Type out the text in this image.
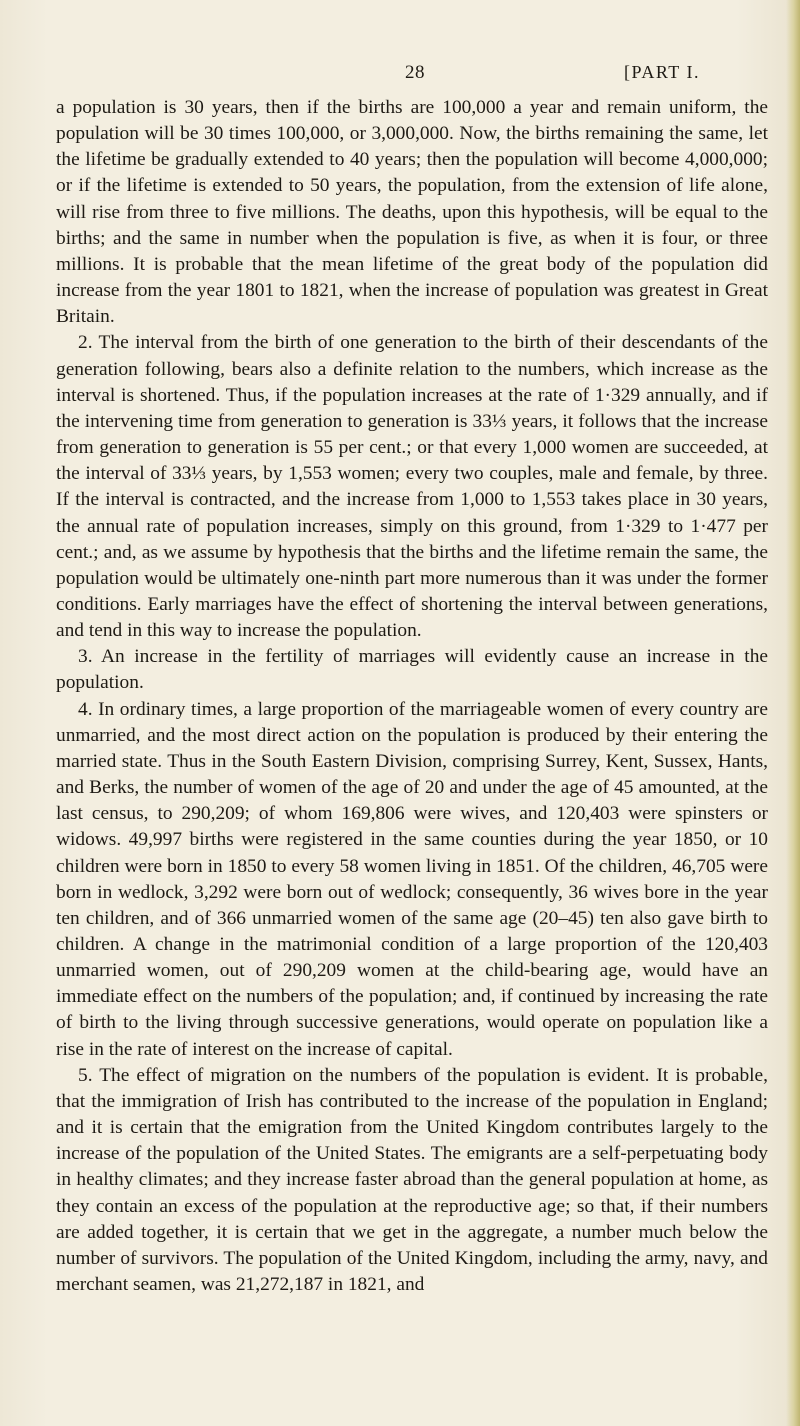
28	[PART I.

a population is 30 years, then if the births are 100,000 a year and remain uniform, the population will be 30 times 100,000, or 3,000,000. Now, the births remaining the same, let the lifetime be gradually extended to 40 years; then the population will become 4,000,000; or if the lifetime is extended to 50 years, the population, from the extension of life alone, will rise from three to five millions. The deaths, upon this hypothesis, will be equal to the births; and the same in number when the population is five, as when it is four, or three millions. It is probable that the mean lifetime of the great body of the population did increase from the year 1801 to 1821, when the increase of population was greatest in Great Britain.

2. The interval from the birth of one generation to the birth of their descendants of the generation following, bears also a definite relation to the numbers, which increase as the interval is shortened. Thus, if the population increases at the rate of 1·329 annually, and if the intervening time from generation to generation is 33⅓ years, it follows that the increase from generation to generation is 55 per cent.; or that every 1,000 women are succeeded, at the interval of 33⅓ years, by 1,553 women; every two couples, male and female, by three. If the interval is contracted, and the increase from 1,000 to 1,553 takes place in 30 years, the annual rate of population increases, simply on this ground, from 1·329 to 1·477 per cent.; and, as we assume by hypothesis that the births and the lifetime remain the same, the population would be ultimately one-ninth part more numerous than it was under the former conditions. Early marriages have the effect of shortening the interval between generations, and tend in this way to increase the population.

3. An increase in the fertility of marriages will evidently cause an increase in the population.

4. In ordinary times, a large proportion of the marriageable women of every country are unmarried, and the most direct action on the population is produced by their entering the married state. Thus in the South Eastern Division, comprising Surrey, Kent, Sussex, Hants, and Berks, the number of women of the age of 20 and under the age of 45 amounted, at the last census, to 290,209; of whom 169,806 were wives, and 120,403 were spinsters or widows. 49,997 births were registered in the same counties during the year 1850, or 10 children were born in 1850 to every 58 women living in 1851. Of the children, 46,705 were born in wedlock, 3,292 were born out of wedlock; consequently, 36 wives bore in the year ten children, and of 366 unmarried women of the same age (20–45) ten also gave birth to children. A change in the matrimonial condition of a large proportion of the 120,403 unmarried women, out of 290,209 women at the child-bearing age, would have an immediate effect on the numbers of the population; and, if continued by increasing the rate of birth to the living through successive generations, would operate on population like a rise in the rate of interest on the increase of capital.

5. The effect of migration on the numbers of the population is evident. It is probable, that the immigration of Irish has contributed to the increase of the population in England; and it is certain that the emigration from the United Kingdom contributes largely to the increase of the population of the United States. The emigrants are a self-perpetuating body in healthy climates; and they increase faster abroad than the general population at home, as they contain an excess of the population at the reproductive age; so that, if their numbers are added together, it is certain that we get in the aggregate, a number much below the number of survivors. The population of the United Kingdom, including the army, navy, and merchant seamen, was 21,272,187 in 1821, and
